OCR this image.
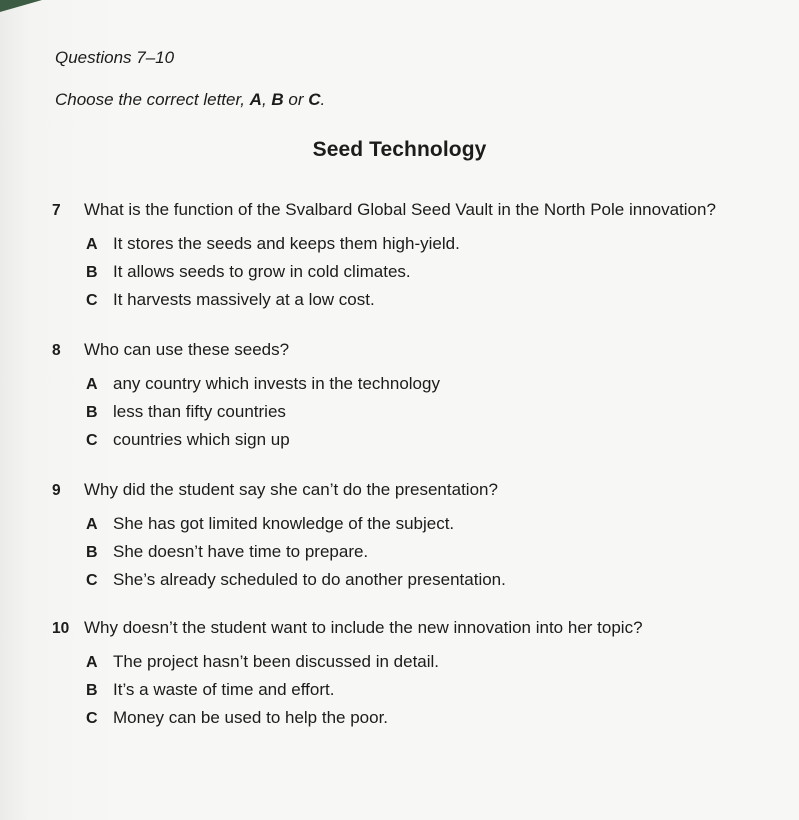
Questions 7–10
Choose the correct letter, A, B or C.
Seed Technology
7	What is the function of the Svalbard Global Seed Vault in the North Pole innovation?
A It stores the seeds and keeps them high-yield.
B It allows seeds to grow in cold climates.
C It harvests massively at a low cost.
8	Who can use these seeds?
A any country which invests in the technology
B less than fifty countries
C countries which sign up
9	Why did the student say she can’t do the presentation?
A She has got limited knowledge of the subject.
B She doesn’t have time to prepare.
C She’s already scheduled to do another presentation.
10 Why doesn’t the student want to include the new innovation into her topic?
A The project hasn’t been discussed in detail.
B It’s a waste of time and effort.
C Money can be used to help the poor.
